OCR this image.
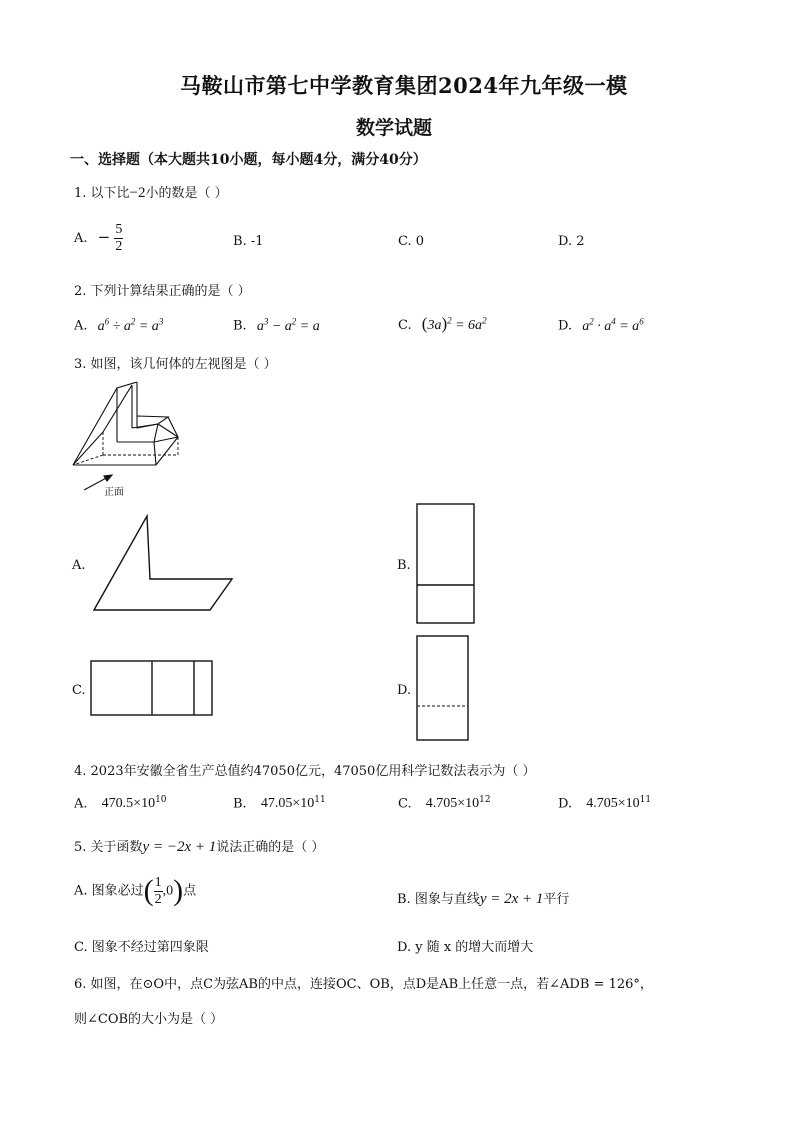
马鞍山市第七中学教育集团2024年九年级一模
数学试题
一、选择题（本大题共10小题，每小题4分，满分40分）
1. 以下比−2小的数是（ ）
A. − $\frac{5}{2}$	B. -1	C. 0	D. 2
2. 下列计算结果正确的是（ ）
A. $a^6 \div a^2 = a^3$	B. $a^3 - a^2 = a$	C. $(3a)^2 = 6a^2$	D. $a^2 \cdot a^4 = a^6$
3. 如图，该几何体的左视图是（ ）
正面
A.	B.
C.	D.
4. 2023年安徽全省生产总值约47050亿元，47050亿用科学记数法表示为（ ）
A. $470.5\times 10^{10}$	B. $47.05\times 10^{11}$	C. $4.705\times 10^{12}$	D. $4.705\times 10^{11}$
5. 关于函数y = −2x + 1说法正确的是（ ）
A. 图象必过( $\frac{1}{2} ,0$)点
B. 图象与直线y = 2x + 1平行
C. 图象不经过第四象限	D. y 随 x 的增大而增大
6. 如图，在⊙O中，点C为弦AB的中点，连接OC、OB，点D是AB上任意一点，若∠ADB = 126°，
则∠COB的大小为是（ ）
